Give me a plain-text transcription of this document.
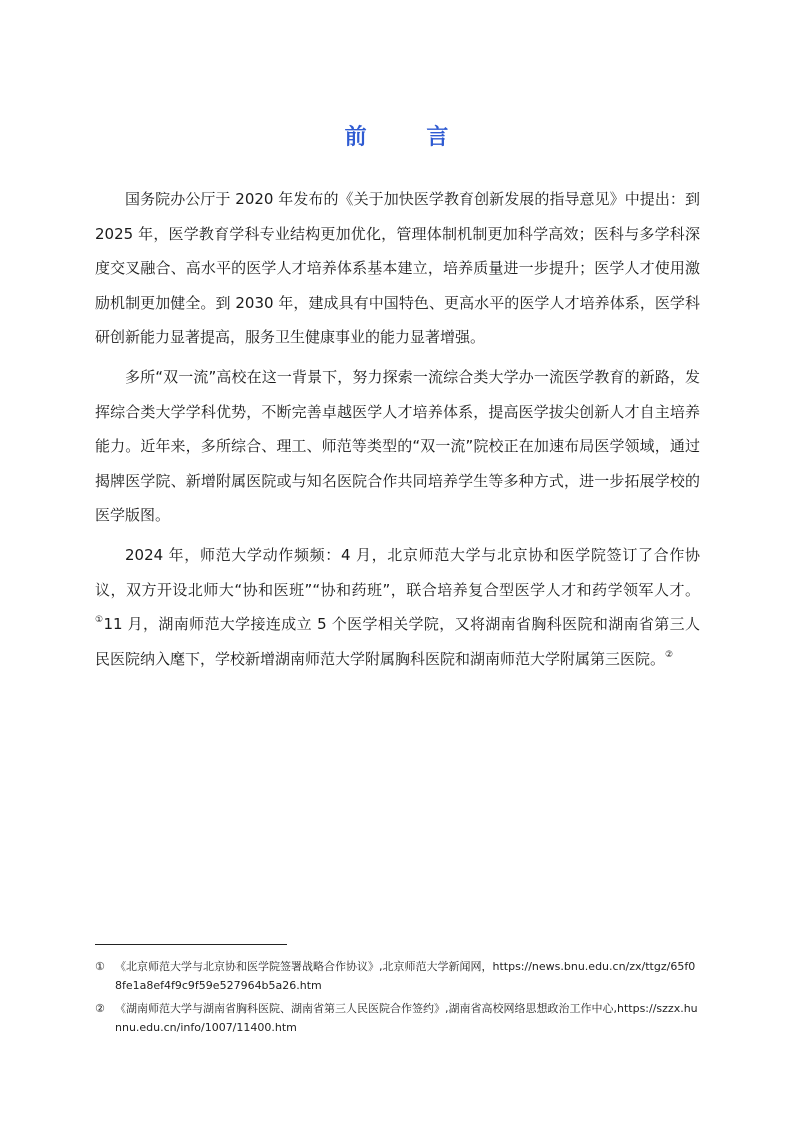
前 言

国务院办公厅于 2020 年发布的《关于加快医学教育创新发展的指导意见》中提出：到 2025 年，医学教育学科专业结构更加优化，管理体制机制更加科学高效；医科与多学科深度交叉融合、高水平的医学人才培养体系基本建立，培养质量进一步提升；医学人才使用激励机制更加健全。到 2030 年，建成具有中国特色、更高水平的医学人才培养体系，医学科研创新能力显著提高，服务卫生健康事业的能力显著增强。

多所“双一流”高校在这一背景下，努力探索一流综合类大学办一流医学教育的新路，发挥综合类大学学科优势，不断完善卓越医学人才培养体系，提高医学拔尖创新人才自主培养能力。近年来，多所综合、理工、师范等类型的“双一流”院校正在加速布局医学领域，通过揭牌医学院、新增附属医院或与知名医院合作共同培养学生等多种方式，进一步拓展学校的医学版图。

2024 年，师范大学动作频频：4 月，北京师范大学与北京协和医学院签订了合作协议，双方开设北师大“协和医班”“协和药班”，联合培养复合型医学人才和药学领军人才。①11 月，湖南师范大学接连成立 5 个医学相关学院，又将湖南省胸科医院和湖南省第三人民医院纳入麾下，学校新增湖南师范大学附属胸科医院和湖南师范大学附属第三医院。②

① 《北京师范大学与北京协和医学院签署战略合作协议》,北京师范大学新闻网，https://news.bnu.edu.cn/zx/ttgz/65f08fe1a8ef4f9c9f59e527964b5a26.htm
② 《湖南师范大学与湖南省胸科医院、湖南省第三人民医院合作签约》,湖南省高校网络思想政治工作中心,https://szzx.hunnu.edu.cn/info/1007/11400.htm
